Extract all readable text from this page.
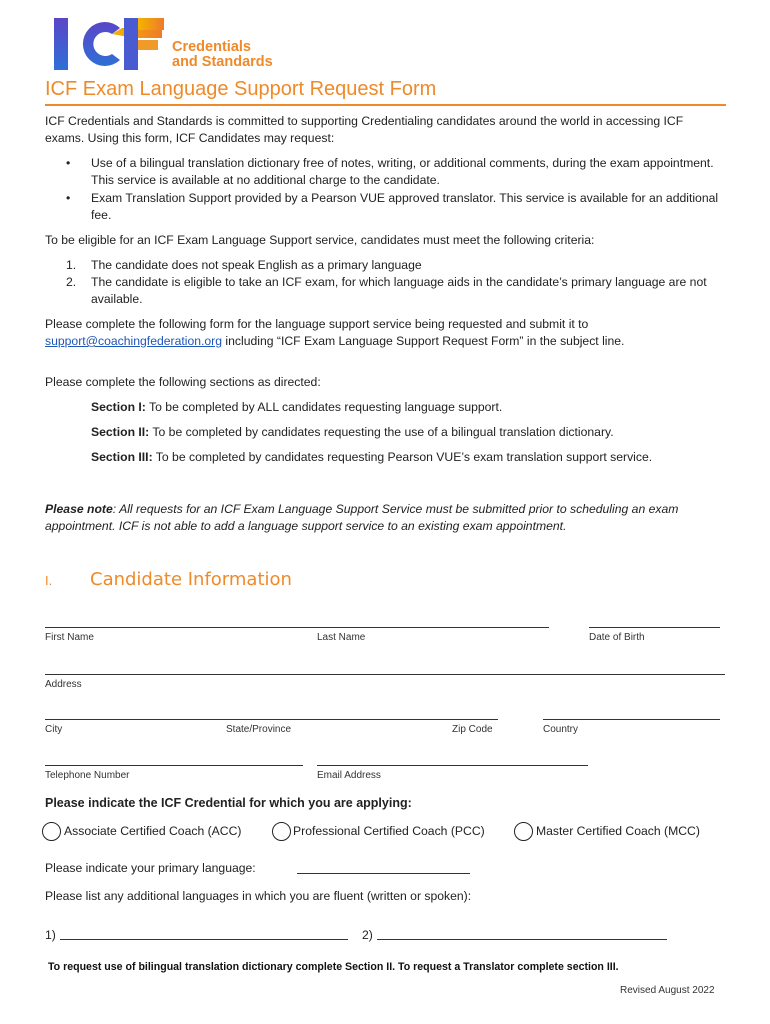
Credentials
and Standards
ICF Exam Language Support Request Form
ICF Credentials and Standards is committed to supporting Credentialing candidates around the world in accessing ICF exams. Using this form, ICF Candidates may request:
• Use of a bilingual translation dictionary free of notes, writing, or additional comments, during the exam appointment. This service is available at no additional charge to the candidate.
• Exam Translation Support provided by a Pearson VUE approved translator. This service is available for an additional fee.
To be eligible for an ICF Exam Language Support service, candidates must meet the following criteria:
1. The candidate does not speak English as a primary language
2. The candidate is eligible to take an ICF exam, for which language aids in the candidate’s primary language are not available.
Please complete the following form for the language support service being requested and submit it to support@coachingfederation.org including “ICF Exam Language Support Request Form” in the subject line.
Please complete the following sections as directed:
Section I: To be completed by ALL candidates requesting language support.
Section II: To be completed by candidates requesting the use of a bilingual translation dictionary.
Section III: To be completed by candidates requesting Pearson VUE’s exam translation support service.
Please note: All requests for an ICF Exam Language Support Service must be submitted prior to scheduling an exam appointment. ICF is not able to add a language support service to an existing exam appointment.
I. Candidate Information
First Name	Last Name	Date of Birth
Address
City	State/Province	Zip Code	Country
Telephone Number	Email Address
Please indicate the ICF Credential for which you are applying:
Associate Certified Coach (ACC)	Professional Certified Coach (PCC)	Master Certified Coach (MCC)
Please indicate your primary language:
Please list any additional languages in which you are fluent (written or spoken):
1)	2)
To request use of bilingual translation dictionary complete Section II. To request a Translator complete section III.
Revised August 2022
